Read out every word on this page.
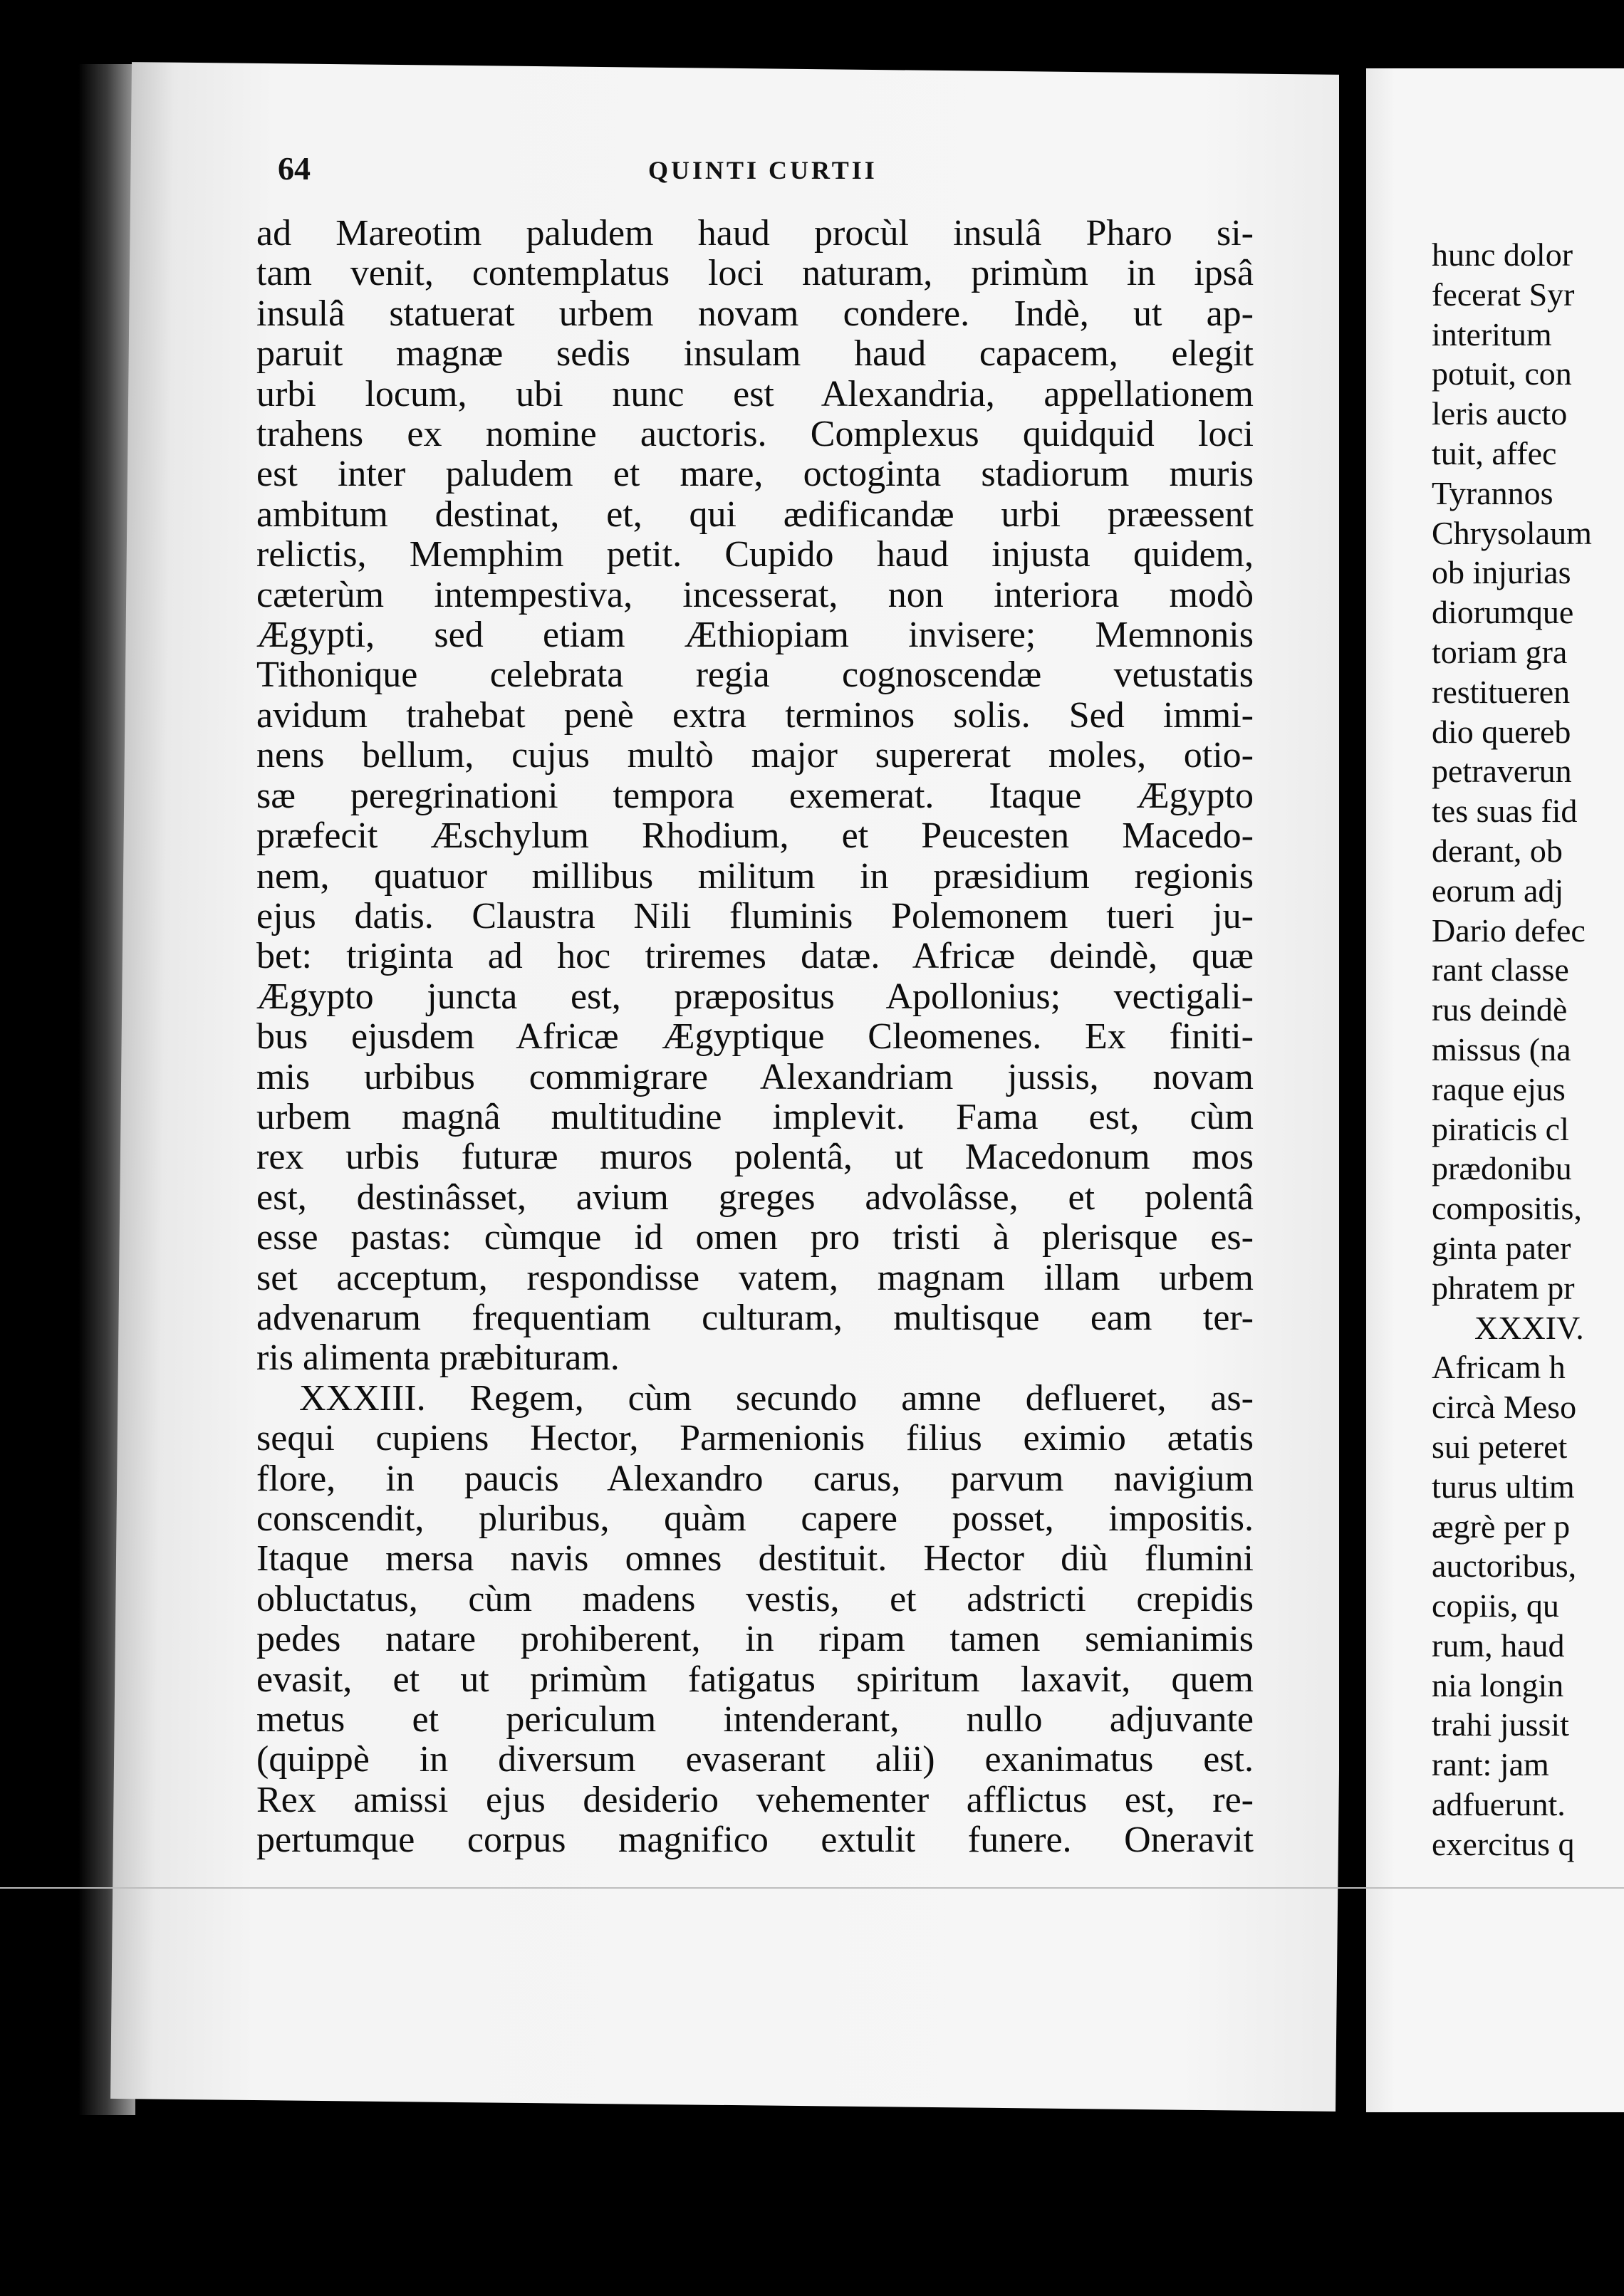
64	QUINTI CURTII
ad Mareotim paludem haud procùl insulâ Pharo si-
tam venit, contemplatus loci naturam, primùm in ipsâ
insulâ statuerat urbem novam condere. Indè, ut ap-
paruit magnæ sedis insulam haud capacem, elegit
urbi locum, ubi nunc est Alexandria, appellationem
trahens ex nomine auctoris. Complexus quidquid loci
est inter paludem et mare, octoginta stadiorum muris
ambitum destinat, et, qui ædificandæ urbi præessent
relictis, Memphim petit. Cupido haud injusta quidem,
cæterùm intempestiva, incesserat, non interiora modò
Ægypti, sed etiam Æthiopiam invisere; Memnonis
Tithonique celebrata regia cognoscendæ vetustatis
avidum trahebat penè extra terminos solis. Sed immi-
nens bellum, cujus multò major supererat moles, otio-
sæ peregrinationi tempora exemerat. Itaque Ægypto
præfecit Æschylum Rhodium, et Peucesten Macedo-
nem, quatuor millibus militum in præsidium regionis
ejus datis. Claustra Nili fluminis Polemonem tueri ju-
bet: triginta ad hoc triremes datæ. Africæ deindè, quæ
Ægypto juncta est, præpositus Apollonius; vectigali-
bus ejusdem Africæ Ægyptique Cleomenes. Ex finiti-
mis urbibus commigrare Alexandriam jussis, novam
urbem magnâ multitudine implevit. Fama est, cùm
rex urbis futuræ muros polentâ, ut Macedonum mos
est, destinâsset, avium greges advolâsse, et polentâ
esse pastas: cùmque id omen pro tristi à plerisque es-
set acceptum, respondisse vatem, magnam illam urbem
advenarum frequentiam culturam, multisque eam ter-
ris alimenta præbituram.
XXXIII. Regem, cùm secundo amne deflueret, as-
sequi cupiens Hector, Parmenionis filius eximio ætatis
flore, in paucis Alexandro carus, parvum navigium
conscendit, pluribus, quàm capere posset, impositis.
Itaque mersa navis omnes destituit. Hector diù flumini
obluctatus, cùm madens vestis, et adstricti crepidis
pedes natare prohiberent, in ripam tamen semianimis
evasit, et ut primùm fatigatus spiritum laxavit, quem
metus et periculum intenderant, nullo adjuvante
(quippè in diversum evaserant alii) exanimatus est.
Rex amissi ejus desiderio vehementer afflictus est, re-
pertumque corpus magnifico extulit funere. Oneravit
hunc dolor
fecerat Syr
interitum
potuit, con
leris aucto
tuit, affec
Tyrannos
Chrysolaum
ob injurias
diorumque
toriam gra
restitueren
dio quereb
petraverun
tes suas fid
derant, ob
eorum adj
Dario defec
rant classe
rus deindè
missus (na
raque ejus
piraticis cl
prædonibu
compositis,
ginta pater
phratem pr
XXXIV.
Africam h
circà Meso
sui peteret
turus ultim
ægrè per p
auctoribus,
copiis, qu
rum, haud
nia longin
trahi jussit
rant: jam
adfuerunt.
exercitus q
